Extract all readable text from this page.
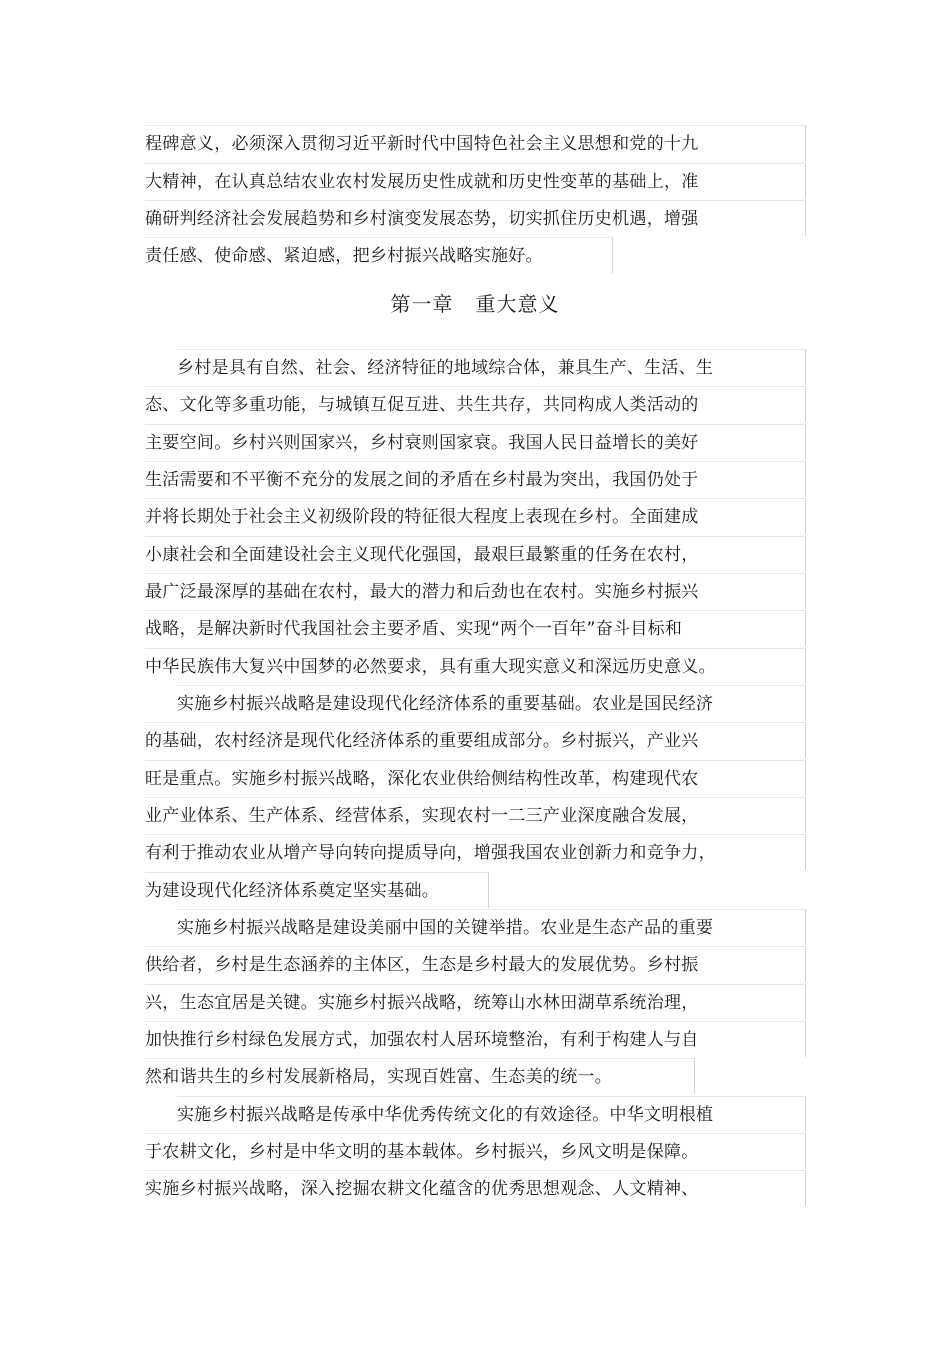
程碑意义，必须深入贯彻习近平新时代中国特色社会主义思想和党的十九
大精神，在认真总结农业农村发展历史性成就和历史性变革的基础上，准
确研判经济社会发展趋势和乡村演变发展态势，切实抓住历史机遇，增强
责任感、使命感、紧迫感，把乡村振兴战略实施好。
第一章   重大意义
乡村是具有自然、社会、经济特征的地域综合体，兼具生产、生活、生
态、文化等多重功能，与城镇互促互进、共生共存，共同构成人类活动的
主要空间。乡村兴则国家兴，乡村衰则国家衰。我国人民日益增长的美好
生活需要和不平衡不充分的发展之间的矛盾在乡村最为突出，我国仍处于
并将长期处于社会主义初级阶段的特征很大程度上表现在乡村。全面建成
小康社会和全面建设社会主义现代化强国，最艰巨最繁重的任务在农村，
最广泛最深厚的基础在农村，最大的潜力和后劲也在农村。实施乡村振兴
战略，是解决新时代我国社会主要矛盾、实现“两个一百年”奋斗目标和
中华民族伟大复兴中国梦的必然要求，具有重大现实意义和深远历史意义。
实施乡村振兴战略是建设现代化经济体系的重要基础。农业是国民经济
的基础，农村经济是现代化经济体系的重要组成部分。乡村振兴，产业兴
旺是重点。实施乡村振兴战略，深化农业供给侧结构性改革，构建现代农
业产业体系、生产体系、经营体系，实现农村一二三产业深度融合发展，
有利于推动农业从增产导向转向提质导向，增强我国农业创新力和竞争力，
为建设现代化经济体系奠定坚实基础。
实施乡村振兴战略是建设美丽中国的关键举措。农业是生态产品的重要
供给者，乡村是生态涵养的主体区，生态是乡村最大的发展优势。乡村振
兴，生态宜居是关键。实施乡村振兴战略，统筹山水林田湖草系统治理，
加快推行乡村绿色发展方式，加强农村人居环境整治，有利于构建人与自
然和谐共生的乡村发展新格局，实现百姓富、生态美的统一。
实施乡村振兴战略是传承中华优秀传统文化的有效途径。中华文明根植
于农耕文化，乡村是中华文明的基本载体。乡村振兴，乡风文明是保障。
实施乡村振兴战略，深入挖掘农耕文化蕴含的优秀思想观念、人文精神、
